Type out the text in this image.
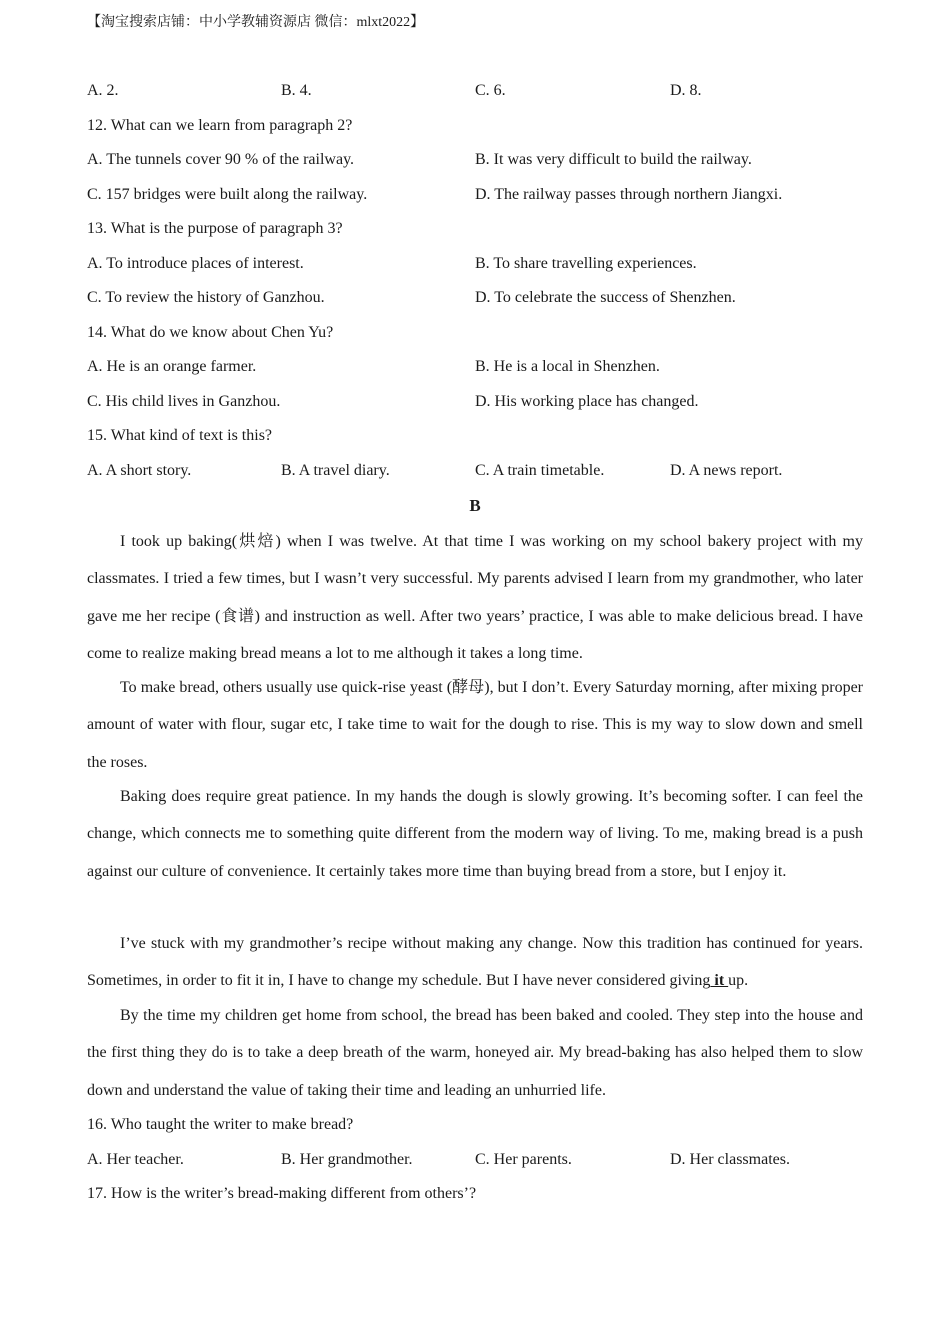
【淘宝搜索店铺：中小学教辅资源店 微信：mlxt2022】
A. 2.	B. 4.	C. 6.	D. 8.
12. What can we learn from paragraph 2?
A. The tunnels cover 90 % of the railway.	B. It was very difficult to build the railway.
C. 157 bridges were built along the railway.	D. The railway passes through northern Jiangxi.
13. What is the purpose of paragraph 3?
A. To introduce places of interest.	B. To share travelling experiences.
C. To review the history of Ganzhou.	D. To celebrate the success of Shenzhen.
14. What do we know about Chen Yu?
A. He is an orange farmer.	B. He is a local in Shenzhen.
C. His child lives in Ganzhou.	D. His working place has changed.
15. What kind of text is this?
A. A short story.	B. A travel diary.	C. A train timetable.	D. A news report.
B

I took up baking(烘焙) when I was twelve. At that time I was working on my school bakery project with my classmates. I tried a few times, but I wasn’t very successful. My parents advised I learn from my grandmother, who later gave me her recipe (食谱) and instruction as well. After two years’ practice, I was able to make delicious bread. I have come to realize making bread means a lot to me although it takes a long time.

To make bread, others usually use quick-rise yeast (酵母), but I don’t. Every Saturday morning, after mixing proper amount of water with flour, sugar etc, I take time to wait for the dough to rise. This is my way to slow down and smell the roses.

Baking does require great patience. In my hands the dough is slowly growing. It’s becoming softer. I can feel the change, which connects me to something quite different from the modern way of living. To me, making bread is a push against our culture of convenience. It certainly takes more time than buying bread from a store, but I enjoy it.

I’ve stuck with my grandmother’s recipe without making any change. Now this tradition has continued for years. Sometimes, in order to fit it in, I have to change my schedule. But I have never considered giving it up.

By the time my children get home from school, the bread has been baked and cooled. They step into the house and the first thing they do is to take a deep breath of the warm, honeyed air. My bread-baking has also helped them to slow down and understand the value of taking their time and leading an unhurried life.

16. Who taught the writer to make bread?
A. Her teacher.	B. Her grandmother.	C. Her parents.	D. Her classmates.
17. How is the writer’s bread-making different from others’?
